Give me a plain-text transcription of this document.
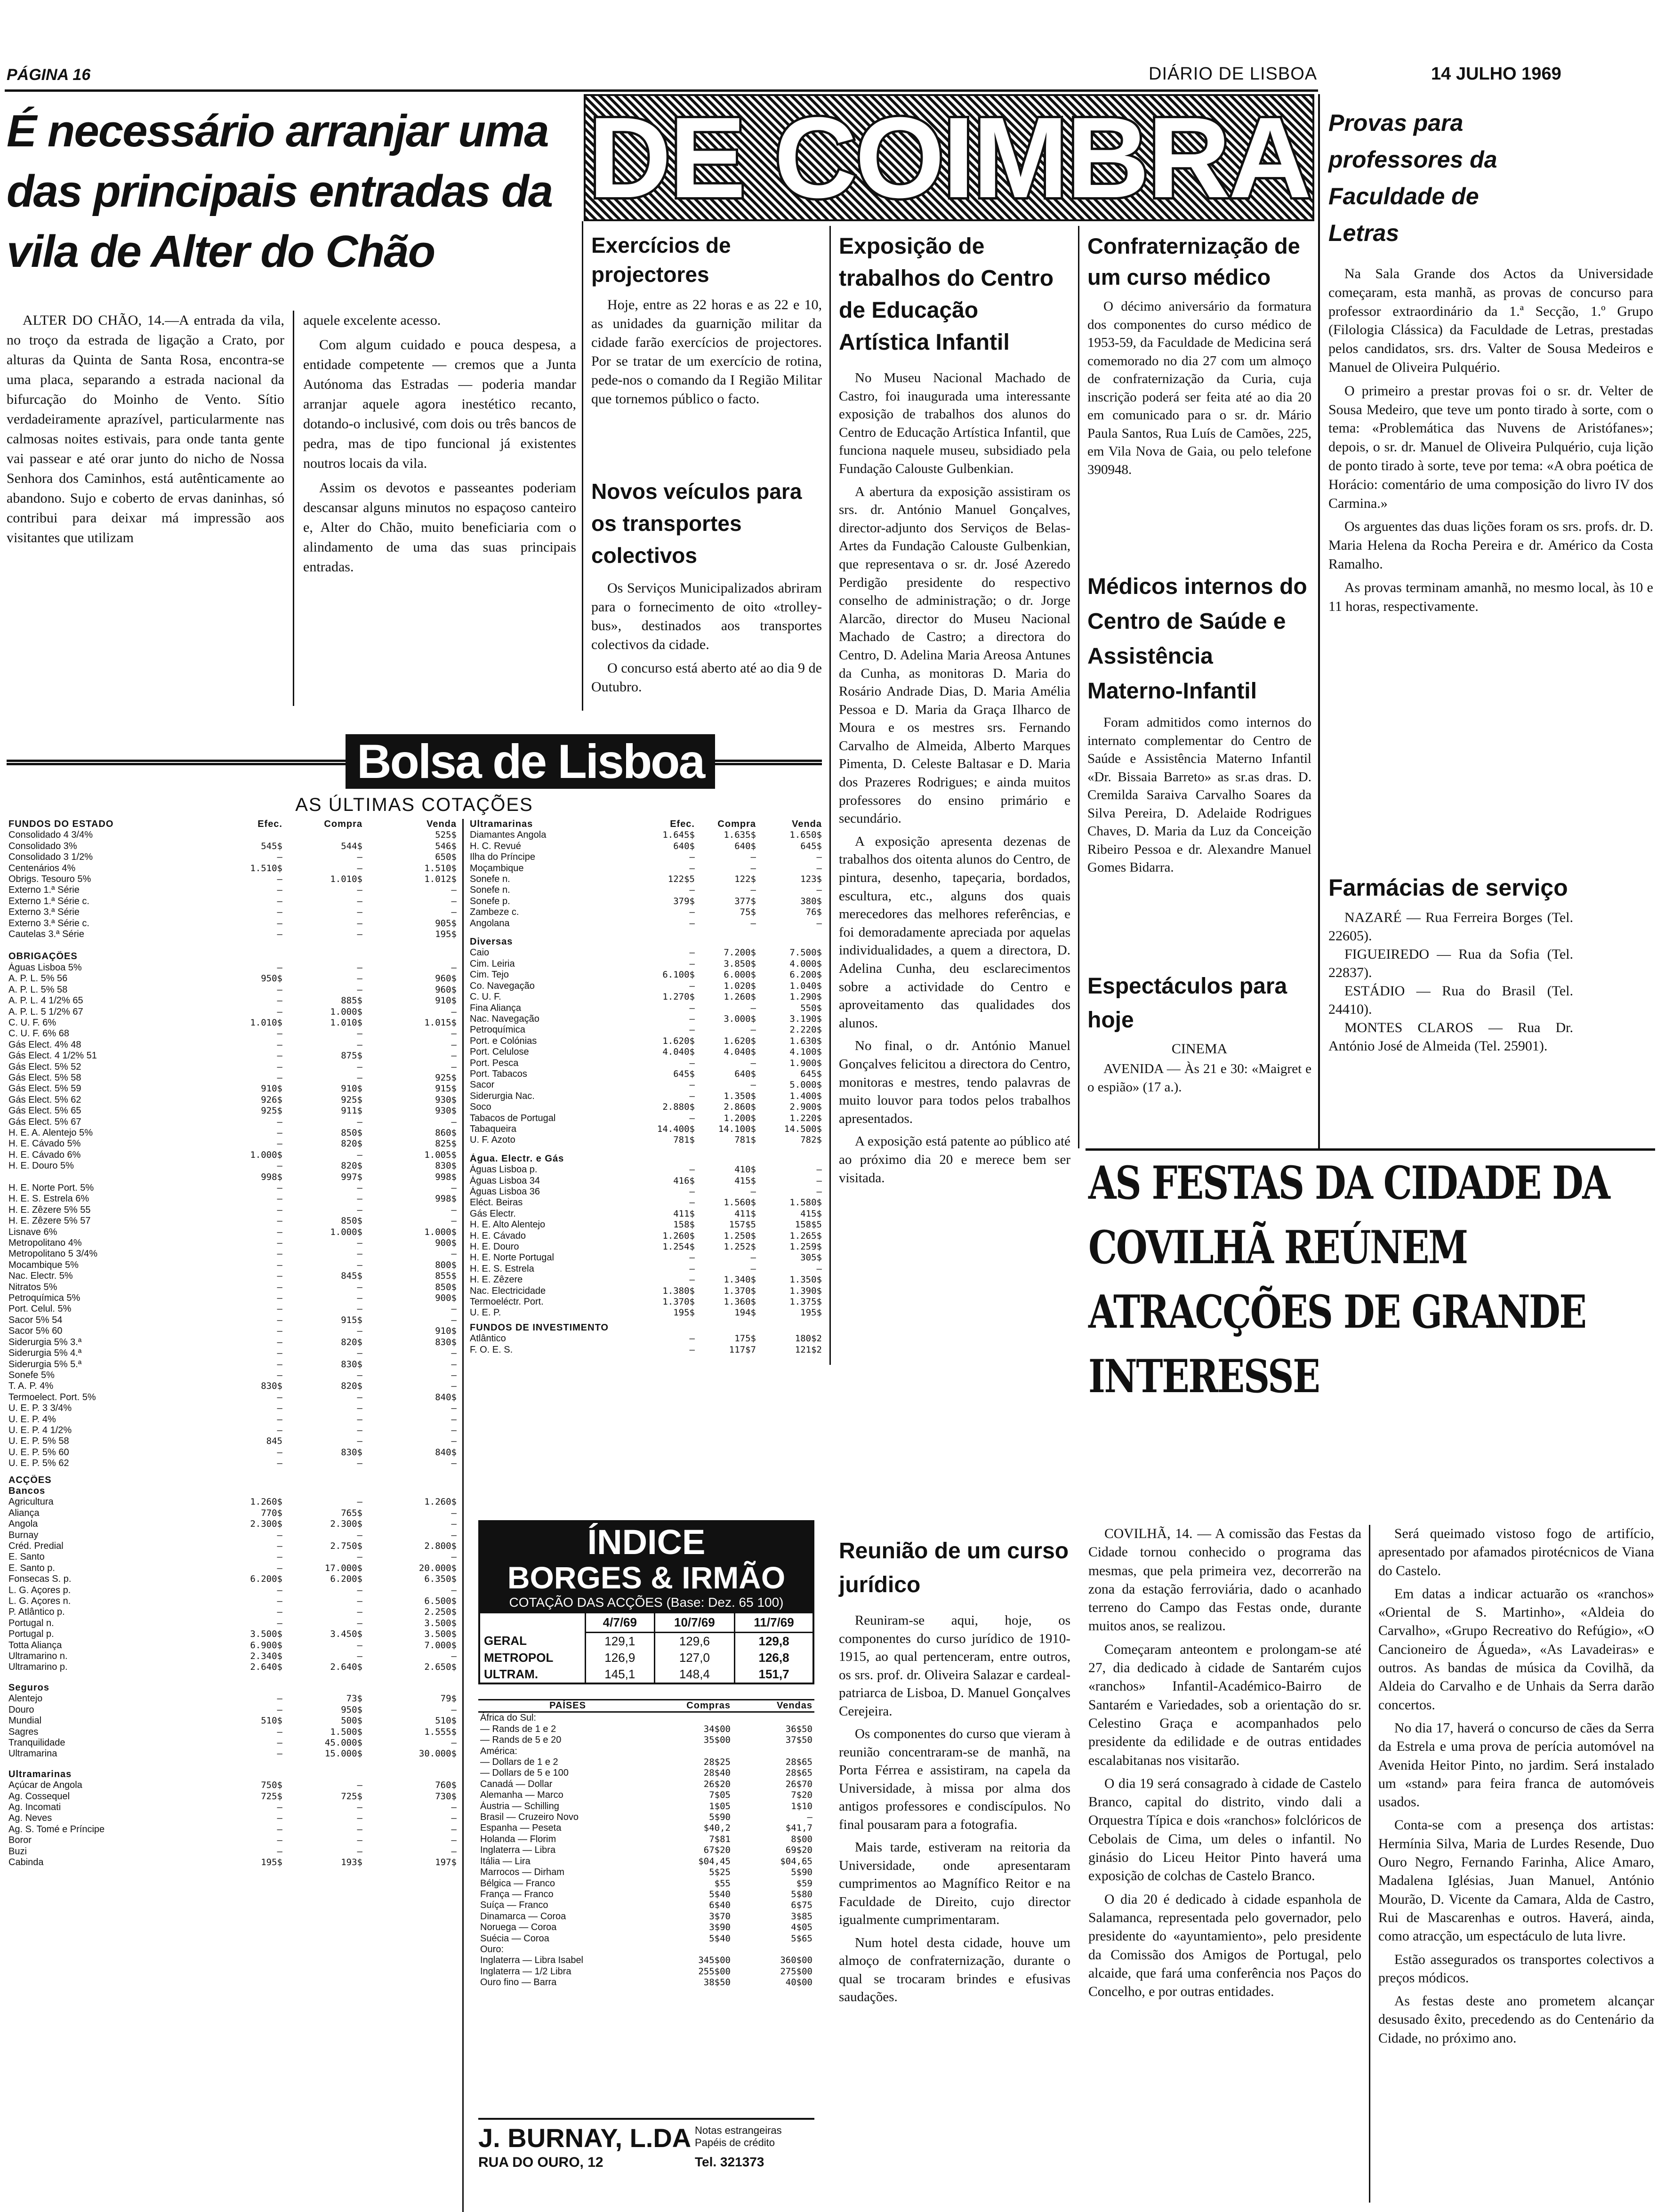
PÁGINA 16	DIÁRIO DE LISBOA	14 JULHO 1969
É necessário arranjar uma das principais entradas da vila de Alter do Chão

ALTER DO CHÃO, 14.—A entrada da vila, no troço da estrada de ligação a Crato, por alturas da Quinta de Santa Rosa, encontra-se uma placa, separando a estrada nacional da bifurcação do Moinho de Vento. Sítio verdadeiramente aprazível, particularmente nas calmosas noites estivais, para onde tanta gente vai passear e até orar junto do nicho de Nossa Senhora dos Caminhos, está autênticamente ao abandono. Sujo e coberto de ervas daninhas, só contribui para deixar má impressão aos visitantes que utilizam

aquele excelente acesso.

Com algum cuidado e pouca despesa, a entidade competente — cremos que a Junta Autónoma das Estradas — poderia mandar arranjar aquele agora inestético recanto, dotando-o inclusivé, com dois ou três bancos de pedra, mas de tipo funcional já existentes noutros locais da vila.

Assim os devotos e passeantes poderiam descansar alguns minutos no espaçoso canteiro e, Alter do Chão, muito beneficiaria com o alindamento de uma das suas principais entradas.

DE COIMBRA
Exercícios de projectores

Hoje, entre as 22 horas e as 22 e 10, as unidades da guarnição militar da cidade farão exercícios de projectores. Por se tratar de um exercício de rotina, pede-nos o comando da I Região Militar que tornemos público o facto.

Novos veículos para os transportes colectivos

Os Serviços Municipalizados abriram para o fornecimento de oito «trolley-bus», destinados aos transportes colectivos da cidade.

O concurso está aberto até ao dia 9 de Outubro.

Exposição de trabalhos do Centro de Educação Artística Infantil

No Museu Nacional Machado de Castro, foi inaugurada uma interessante exposição de trabalhos dos alunos do Centro de Educação Artística Infantil, que funciona naquele museu, subsidiado pela Fundação Calouste Gulbenkian.

A abertura da exposição assistiram os srs. dr. António Manuel Gonçalves, director-adjunto dos Serviços de Belas-Artes da Fundação Calouste Gulbenkian, que representava o sr. dr. José Azeredo Perdigão presidente do respectivo conselho de administração; o dr. Jorge Alarcão, director do Museu Nacional Machado de Castro; a directora do Centro, D. Adelina Maria Areosa Antunes da Cunha, as monitoras D. Maria do Rosário Andrade Dias, D. Maria Amélia Pessoa e D. Maria da Graça Ilharco de Moura e os mestres srs. Fernando Carvalho de Almeida, Alberto Marques Pimenta, D. Celeste Baltasar e D. Maria dos Prazeres Rodrigues; e ainda muitos professores do ensino primário e secundário.

A exposição apresenta dezenas de trabalhos dos oitenta alunos do Centro, de pintura, desenho, tapeçaria, bordados, escultura, etc., alguns dos quais merecedores das melhores referências, e foi demoradamente apreciada por aquelas individualidades, a quem a directora, D. Adelina Cunha, deu esclarecimentos sobre a actividade do Centro e aproveitamento das qualidades dos alunos.

No final, o dr. António Manuel Gonçalves felicitou a directora do Centro, monitoras e mestres, tendo palavras de muito louvor para todos pelos trabalhos apresentados.

A exposição está patente ao público até ao próximo dia 20 e merece bem ser visitada.

Reunião de um curso jurídico

Reuniram-se aqui, hoje, os componentes do curso jurídico de 1910-1915, ao qual pertenceram, entre outros, os srs. prof. dr. Oliveira Salazar e cardeal-patriarca de Lisboa, D. Manuel Gonçalves Cerejeira.

Os componentes do curso que vieram à reunião concentraram-se de manhã, na Porta Férrea e assistiram, na capela da Universidade, à missa por alma dos antigos professores e condiscípulos. No final pousaram para a fotografia.

Mais tarde, estiveram na reitoria da Universidade, onde apresentaram cumprimentos ao Magnífico Reitor e na Faculdade de Direito, cujo director igualmente cumprimentaram.

Num hotel desta cidade, houve um almoço de confraternização, durante o qual se trocaram brindes e efusivas saudações.

Confraternização de um curso médico

O décimo aniversário da formatura dos componentes do curso médico de 1953-59, da Faculdade de Medicina será comemorado no dia 27 com um almoço de confraternização da Curia, cuja inscrição poderá ser feita até ao dia 20 em comunicado para o sr. dr. Mário Paula Santos, Rua Luís de Camões, 225, em Vila Nova de Gaia, ou pelo telefone 390948.

Médicos internos do Centro de Saúde e Assistência Materno-Infantil

Foram admitidos como internos do internato complementar do Centro de Saúde e Assistência Materno Infantil «Dr. Bissaia Barreto» as sr.as dras. D. Cremilda Saraiva Carvalho Soares da Silva Pereira, D. Adelaide Rodrigues Chaves, D. Maria da Luz da Conceição Ribeiro Pessoa e dr. Alexandre Manuel Gomes Bidarra.

Espectáculos para hoje
CINEMA

AVENIDA — Às 21 e 30: «Maigret e o espião» (17 a.).

Provas para professores da Faculdade de Letras

Na Sala Grande dos Actos da Universidade começaram, esta manhã, as provas de concurso para professor extraordinário da 1.ª Secção, 1.º Grupo (Filologia Clássica) da Faculdade de Letras, prestadas pelos candidatos, srs. drs. Valter de Sousa Medeiros e Manuel de Oliveira Pulquério.

O primeiro a prestar provas foi o sr. dr. Velter de Sousa Medeiro, que teve um ponto tirado à sorte, com o tema: «Problemática das Nuvens de Aristófanes»; depois, o sr. dr. Manuel de Oliveira Pulquério, cuja lição de ponto tirado à sorte, teve por tema: «A obra poética de Horácio: comentário de uma composição do livro IV dos Carmina.»

Os arguentes das duas lições foram os srs. profs. dr. D. Maria Helena da Rocha Pereira e dr. Américo da Costa Ramalho.

As provas terminam amanhã, no mesmo local, às 10 e 11 horas, respectivamente.

Farmácias de serviço

NAZARÉ — Rua Ferreira Borges (Tel. 22605).

FIGUEIREDO — Rua da Sofia (Tel. 22837).

ESTÁDIO — Rua do Brasil (Tel. 24410).

MONTES CLAROS — Rua Dr. António José de Almeida (Tel. 25901).

AS FESTAS DA CIDADE DA COVILHÃ REÚNEM ATRACÇÕES DE GRANDE INTERESSE

COVILHÃ, 14. — A comissão das Festas da Cidade tornou conhecido o programa das mesmas, que pela primeira vez, decorrerão na zona da estação ferroviária, dado o acanhado terreno do Campo das Festas onde, durante muitos anos, se realizou.

Começaram anteontem e prolongam-se até 27, dia dedicado à cidade de Santarém cujos «ranchos» Infantil-Académico-Bairro de Santarém e Variedades, sob a orientação do sr. Celestino Graça e acompanhados pelo presidente da edilidade e de outras entidades escalabitanas nos visitarão.

O dia 19 será consagrado à cidade de Castelo Branco, capital do distrito, vindo dali a Orquestra Típica e dois «ranchos» folclóricos de Cebolais de Cima, um deles o infantil. No ginásio do Liceu Heitor Pinto haverá uma exposição de colchas de Castelo Branco.

O dia 20 é dedicado à cidade espanhola de Salamanca, representada pelo governador, pelo presidente do «ayuntamiento», pelo presidente da Comissão dos Amigos de Portugal, pelo alcaide, que fará uma conferência nos Paços do Concelho, e por outras entidades.

Será queimado vistoso fogo de artifício, apresentado por afamados pirotécnicos de Viana do Castelo.

Em datas a indicar actuarão os «ranchos» «Oriental de S. Martinho», «Aldeia do Carvalho», «Grupo Recreativo do Refúgio», «O Cancioneiro de Águeda», «As Lavadeiras» e outros. As bandas de música da Covilhã, da Aldeia do Carvalho e de Unhais da Serra darão concertos.

No dia 17, haverá o concurso de cães da Serra da Estrela e uma prova de perícia automóvel na Avenida Heitor Pinto, no jardim. Será instalado um «stand» para feira franca de automóveis usados.

Conta-se com a presença dos artistas: Hermínia Silva, Maria de Lurdes Resende, Duo Ouro Negro, Fernando Farinha, Alice Amaro, Madalena Iglésias, Juan Manuel, António Mourão, D. Vicente da Camara, Alda de Castro, Rui de Mascarenhas e outros. Haverá, ainda, como atracção, um espectáculo de luta livre.

Estão assegurados os transportes colectivos a preços módicos.

As festas deste ano prometem alcançar desusado êxito, precedendo as do Centenário da Cidade, no próximo ano.

Bolsa de Lisboa
AS ÚLTIMAS COTAÇÕES
FUNDOS DO ESTADO	Efec.	Compra	Venda
Consolidado 4 3/4%			525$
Consolidado 3%	545$	544$	546$
Consolidado 3 1/2%	—	—	650$
Centenários 4%	1.510$	—	1.510$
Obrigs. Tesouro 5%	—	1.010$	1.012$
Externo 1.ª Série	—	—	—
Externo 1.ª Série c.	—	—	—
Externo 3.ª Série	—	—	—
Externo 3.ª Série c.	—	—	905$
Cautelas 3.ª Série	—	—	195$

OBRIGAÇÕES			
Águas Lisboa 5%	—	—	—
A. P. L. 5% 56	950$	—	960$
A. P. L. 5% 58	—	—	960$
A. P. L. 4 1/2% 65	—	885$	910$
A. P. L. 5 1/2% 67	—	1.000$	—
C. U. F. 6%	1.010$	1.010$	1.015$
C. U. F. 6% 68	—	—	—
Gás Elect. 4% 48	—	—	—
Gás Elect. 4 1/2% 51	—	875$	—
Gás Elect. 5% 52	—	—	—
Gás Elect. 5% 58	—	—	925$
Gás Elect. 5% 59	910$	910$	915$
Gás Elect. 5% 62	926$	925$	930$
Gás Elect. 5% 65	925$	911$	930$
Gás Elect. 5% 67	—	—	—
H. E. A. Alentejo 5%	—	850$	860$
H. E. Cávado 5%	—	820$	825$
H. E. Cávado 6%	1.000$	—	1.005$
H. E. Douro 5%	—	820$	830$
	998$	997$	998$
H. E. Norte Port. 5%	—	—	—
H. E. S. Estrela 6%	—	—	998$
H. E. Zêzere 5% 55	—	—	—
H. E. Zêzere 5% 57	—	850$	—
Lisnave 6%	—	1.000$	1.000$
Metropolitano 4%	—	—	900$
Metropolitano 5 3/4%	—	—	—
Mocambique 5%	—	—	800$
Nac. Electr. 5%	—	845$	855$
Nitratos 5%	—	—	850$
Petroquímica 5%	—	—	900$
Port. Celul. 5%	—	—	—
Sacor 5% 54	—	915$	—
Sacor 5% 60	—	—	910$
Siderurgia 5% 3.ª	—	820$	830$
Siderurgia 5% 4.ª	—	—	—
Siderurgia 5% 5.ª	—	830$	—
Sonefe 5%	—	—	—
T. A. P. 4%	830$	820$	—
Termoelect. Port. 5%	—	—	840$
U. E. P. 3 3/4%	—	—	—
U. E. P. 4%	—	—	—
U. E. P. 4 1/2%	—	—	—
U. E. P. 5% 58	845	—	—
U. E. P. 5% 60	—	830$	840$
U. E. P. 5% 62	—	—	—

ACÇÕES			
Bancos			
Agricultura	1.260$	—	1.260$
Aliança	770$	765$	—
Angola	2.300$	2.300$	—
Burnay	—	—	—
Créd. Predial	—	2.750$	2.800$
E. Santo	—	—	—
E. Santo p.	—	17.000$	20.000$
Fonsecas S. p.	6.200$	6.200$	6.350$
L. G. Açores p.	—	—	—
L. G. Açores n.	—	—	6.500$
P. Atlântico p.	—	—	2.250$
Portugal n.	—	—	3.500$
Portugal p.	3.500$	3.450$	3.500$
Totta Aliança	6.900$	—	7.000$
Ultramarino n.	2.340$	—	—
Ultramarino p.	2.640$	2.640$	2.650$

Seguros			
Alentejo	—	73$	79$
Douro	—	950$	—
Mundial	510$	500$	510$
Sagres	—	1.500$	1.555$
Tranquilidade	—	45.000$	—
Ultramarina	—	15.000$	30.000$

Ultramarinas			
Açúcar de Angola	750$	—	760$
Ag. Cossequel	725$	725$	730$
Ag. Incomati	—	—	—
Ag. Neves	—	—	—
Ag. S. Tomé e Príncipe	—	—	—
Boror	—	—	—
Buzi	—	—	—
Cabinda	195$	193$	197$
Ultramarinas	Efec.	Compra	Venda
Diamantes Angola	1.645$	1.635$	1.650$
H. C. Revué	640$	640$	645$
Ilha do Príncipe	—	—	—
Moçambique	—	—	—
Sonefe n.	122$5	122$	123$
Sonefe n.	—	—	—
Sonefe p.	379$	377$	380$
Zambeze c.	—	75$	76$
Angolana	—	—	—

Diversas			
Caio	—	7.200$	7.500$
Cim. Leiria	—	3.850$	4.000$
Cim. Tejo	6.100$	6.000$	6.200$
Co. Navegação	—	1.020$	1.040$
C. U. F.	1.270$	1.260$	1.290$
Fina Aliança	—	—	550$
Nac. Navegação	—	3.000$	3.190$
Petroquímica	—	—	2.220$
Port. e Colónias	1.620$	1.620$	1.630$
Port. Celulose	4.040$	4.040$	4.100$
Port. Pesca	—	—	1.900$
Port. Tabacos	645$	640$	645$
Sacor	—	—	5.000$
Siderurgia Nac.	—	1.350$	1.400$
Soco	2.880$	2.860$	2.900$
Tabacos de Portugal	—	1.200$	1.220$
Tabaqueira	14.400$	14.100$	14.500$
U. F. Azoto	781$	781$	782$

Água. Electr. e Gás			
Águas Lisboa p.	—	410$	—
Águas Lisboa 34	416$	415$	—
Águas Lisboa 36	—	—	—
Eléct. Beiras	—	1.560$	1.580$
Gás Electr.	411$	411$	415$
H. E. Alto Alentejo	158$	157$5	158$5
H. E. Cávado	1.260$	1.250$	1.265$
H. E. Douro	1.254$	1.252$	1.259$
H. E. Norte Portugal	—	—	305$
H. E. S. Estrela	—	—	—
H. E. Zêzere	—	1.340$	1.350$
Nac. Electricidade	1.380$	1.370$	1.390$
Termoeléctr. Port.	1.370$	1.360$	1.375$
U. E. P.	195$	194$	195$

FUNDOS DE INVESTIMENTO			
Atlântico	—	175$	180$2
F. O. E. S.	—	117$7	121$2
ÍNDICE
BORGES & IRMÃO
COTAÇÃO DAS ACÇÕES (Base: Dez. 65 100)
	4/7/69	10/7/69	11/7/69
GERAL	129,1	129,6	129,8
METROPOL	126,9	127,0	126,8
ULTRAM.	145,1	148,4	151,7
PAÍSES	Compras	Vendas
África do Sul:		
— Rands de 1 e 2	34$00	36$50
— Rands de 5 e 20	35$00	37$50
América:		
— Dollars de 1 e 2	28$25	28$65
— Dollars de 5 e 100	28$40	28$65
Canadá — Dollar	26$20	26$70
Alemanha — Marco	7$05	7$20
Áustria — Schilling	1$05	1$10
Brasil — Cruzeiro Novo	5$90	—
Espanha — Peseta	$40,2	$41,7
Holanda — Florim	7$81	8$00
Inglaterra — Libra	67$20	69$20
Itália — Lira	$04,45	$04,65
Marrocos — Dirham	5$25	5$90
Bélgica — Franco	$55	$59
França — Franco	5$40	5$80
Suíça — Franco	6$40	6$75
Dinamarca — Coroa	3$70	3$85
Noruega — Coroa	3$90	4$05
Suécia — Coroa	5$40	5$65
Ouro:		
Inglaterra — Libra Isabel	345$00	360$00
Inglaterra — 1/2 Libra	255$00	275$00
Ouro fino — Barra	38$50	40$00
J. BURNAY, L.DA
RUA DO OURO, 12
Notas estrangeiras Papéis de crédito
Tel. 321373
